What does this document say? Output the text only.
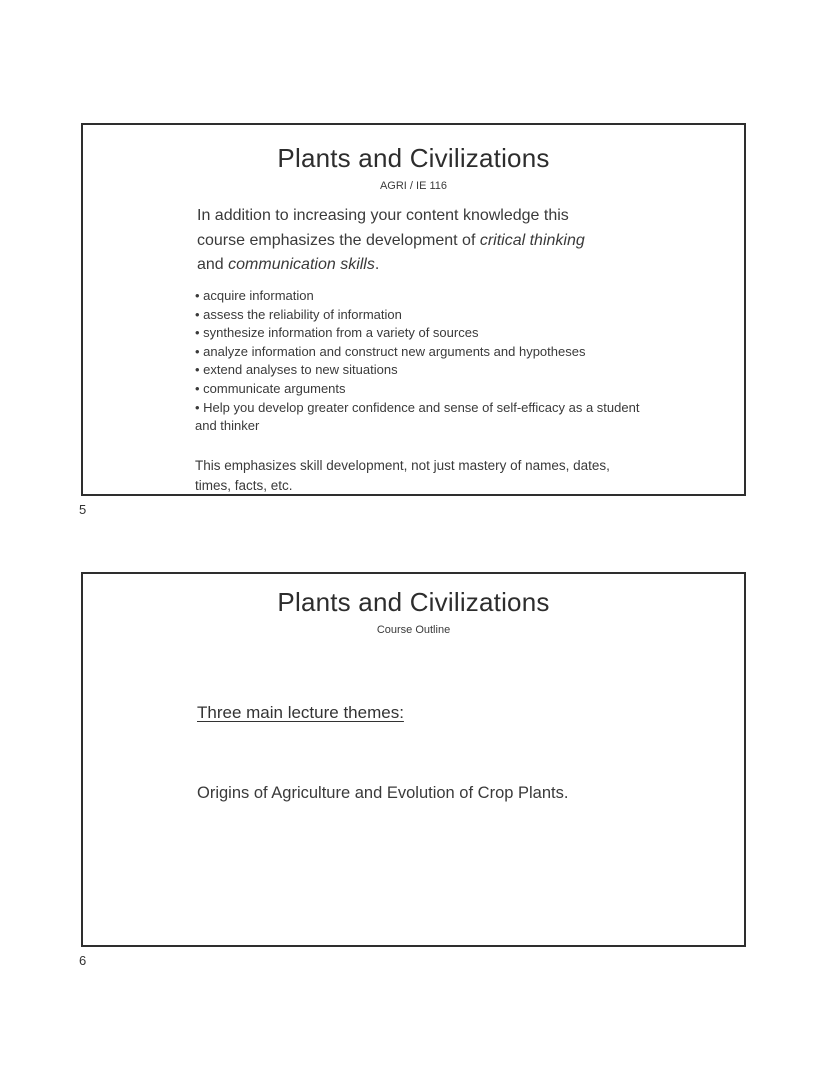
Plants and Civilizations
AGRI / IE 116
In addition to increasing your content knowledge this course emphasizes the development of critical thinking and communication skills.
• acquire information
• assess the reliability of information
• synthesize information from a variety of sources
• analyze information and construct new arguments and hypotheses
• extend analyses to new situations
• communicate arguments
• Help you develop greater confidence and sense of self-efficacy as a student and thinker
This emphasizes skill development, not just mastery of names, dates, times, facts, etc.
5
Plants and Civilizations
Course Outline
Three main lecture themes:
Origins of Agriculture and Evolution of Crop Plants.
6
